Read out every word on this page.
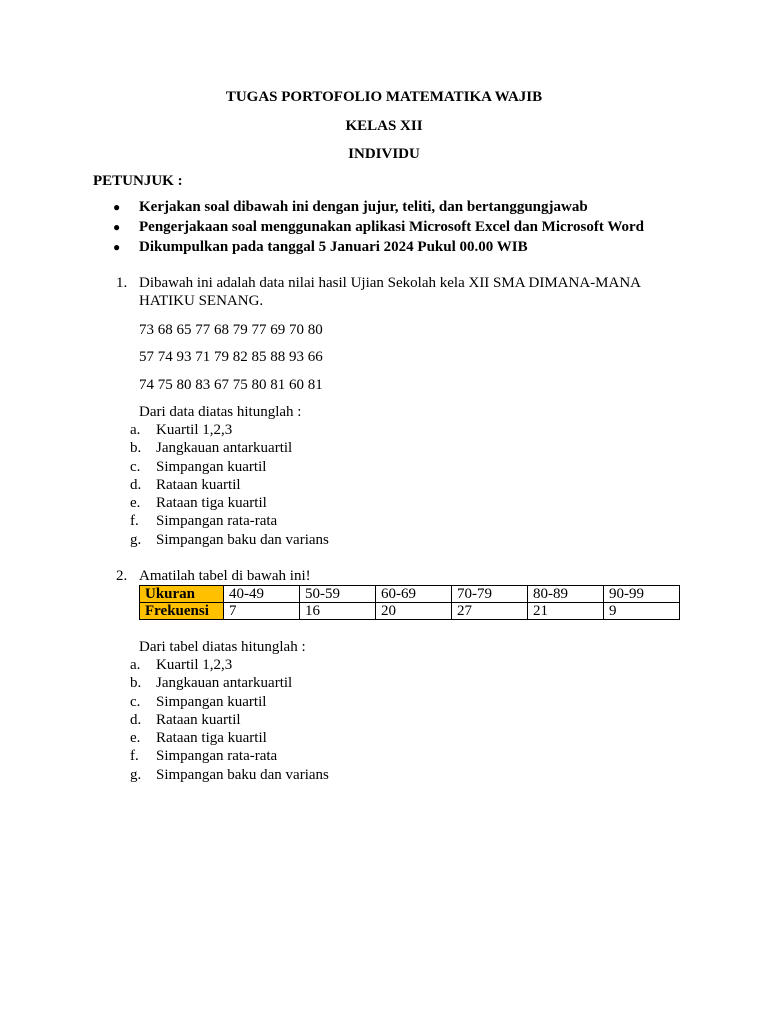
TUGAS PORTOFOLIO MATEMATIKA WAJIB
KELAS XII
INDIVIDU
PETUNJUK :
●	Kerjakan soal dibawah ini dengan jujur, teliti, dan bertanggungjawab
●	Pengerjakaan soal menggunakan aplikasi Microsoft Excel dan Microsoft Word
●	Dikumpulkan pada tanggal 5 Januari 2024 Pukul 00.00 WIB
1. Dibawah ini adalah data nilai hasil Ujian Sekolah kela XII SMA DIMANA-MANA HATIKU SENANG.
73 68 65 77 68 79 77 69 70 80
57 74 93 71 79 82 85 88 93 66
74 75 80 83 67 75 80 81 60 81
Dari data diatas hitunglah :
a. Kuartil 1,2,3
b. Jangkauan antarkuartil
c. Simpangan kuartil
d. Rataan kuartil
e. Rataan tiga kuartil
f. Simpangan rata-rata
g. Simpangan baku dan varians
2. Amatilah tabel di bawah ini!
Ukuran	40-49	50-59	60-69	70-79	80-89	90-99
Frekuensi	7	16	20	27	21	9
Dari tabel diatas hitunglah :
a. Kuartil 1,2,3
b. Jangkauan antarkuartil
c. Simpangan kuartil
d. Rataan kuartil
e. Rataan tiga kuartil
f. Simpangan rata-rata
g. Simpangan baku dan varians
